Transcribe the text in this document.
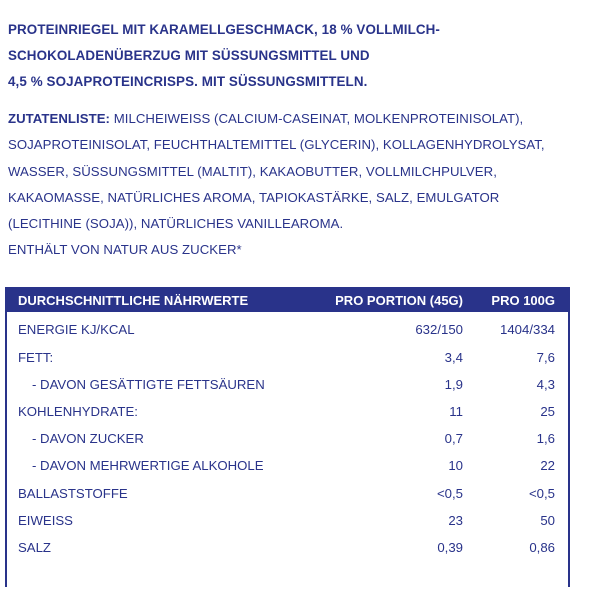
PROTEINRIEGEL MIT KARAMELLGESCHMACK, 18 % VOLLMILCH-
SCHOKOLADENÜBERZUG MIT SÜSSUNGSMITTEL UND
4,5 % SOJAPROTEINCRISPS. MIT SÜSSUNGSMITTELN.
ZUTATENLISTE: MILCHEIWEISS (CALCIUM-CASEINAT, MOLKENPROTEINISOLAT),
SOJAPROTEINISOLAT, FEUCHTHALTEMITTEL (GLYCERIN), KOLLAGENHYDROLYSAT,
WASSER, SÜSSUNGSMITTEL (MALTIT), KAKAOBUTTER, VOLLMILCHPULVER,
KAKAOMASSE, NATÜRLICHES AROMA, TAPIOKASTÄRKE, SALZ, EMULGATOR
(LECITHINE (SOJA)), NATÜRLICHES VANILLEAROMA.
ENTHÄLT VON NATUR AUS ZUCKER*
DURCHSCHNITTLICHE NÄHRWERTE	PRO PORTION (45G) PRO 100G
ENERGIE KJ/KCAL	632/150	1404/334
FETT:	3,4	7,6
- DAVON GESÄTTIGTE FETTSÄUREN	1,9	4,3
KOHLENHYDRATE:	11	25
- DAVON ZUCKER	0,7	1,6
- DAVON MEHRWERTIGE ALKOHOLE	10	22
BALLASTSTOFFE	<0,5	<0,5
EIWEISS	23	50
SALZ	0,39	0,86
